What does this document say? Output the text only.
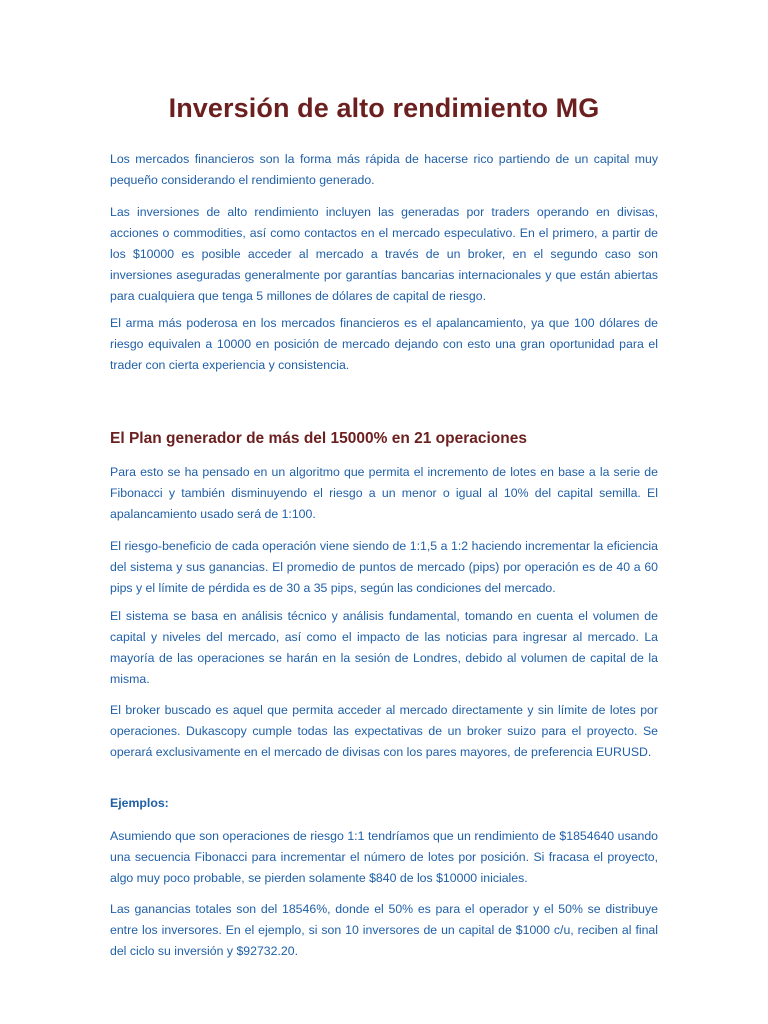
Inversión de alto rendimiento MG

Los mercados financieros son la forma más rápida de hacerse rico partiendo de un capital muy pequeño considerando el rendimiento generado.

Las inversiones de alto rendimiento incluyen las generadas por traders operando en divisas, acciones o commodities, así como contactos en el mercado especulativo. En el primero, a partir de los $10000 es posible acceder al mercado a través de un broker, en el segundo caso son inversiones aseguradas generalmente por garantías bancarias internacionales y que están abiertas para cualquiera que tenga 5 millones de dólares de capital de riesgo.

El arma más poderosa en los mercados financieros es el apalancamiento, ya que 100 dólares de riesgo equivalen a 10000 en posición de mercado dejando con esto una gran oportunidad para el trader con cierta experiencia y consistencia.

El Plan generador de más del 15000% en 21 operaciones

Para esto se ha pensado en un algoritmo que permita el incremento de lotes en base a la serie de Fibonacci y también disminuyendo el riesgo a un menor o igual al 10% del capital semilla. El apalancamiento usado será de 1:100.

El riesgo-beneficio de cada operación viene siendo de 1:1,5 a 1:2 haciendo incrementar la eficiencia del sistema y sus ganancias. El promedio de puntos de mercado (pips) por operación es de 40 a 60 pips y el límite de pérdida es de 30 a 35 pips, según las condiciones del mercado.

El sistema se basa en análisis técnico y análisis fundamental, tomando en cuenta el volumen de capital y niveles del mercado, así como el impacto de las noticias para ingresar al mercado. La mayoría de las operaciones se harán en la sesión de Londres, debido al volumen de capital de la misma.

El broker buscado es aquel que permita acceder al mercado directamente y sin límite de lotes por operaciones. Dukascopy cumple todas las expectativas de un broker suizo para el proyecto. Se operará exclusivamente en el mercado de divisas con los pares mayores, de preferencia EURUSD.

Ejemplos:

Asumiendo que son operaciones de riesgo 1:1 tendríamos que un rendimiento de $1854640 usando una secuencia Fibonacci para incrementar el número de lotes por posición. Si fracasa el proyecto, algo muy poco probable, se pierden solamente $840 de los $10000 iniciales.

Las ganancias totales son del 18546%, donde el 50% es para el operador y el 50% se distribuye entre los inversores. En el ejemplo, si son 10 inversores de un capital de $1000 c/u, reciben al final del ciclo su inversión y $92732.20.
